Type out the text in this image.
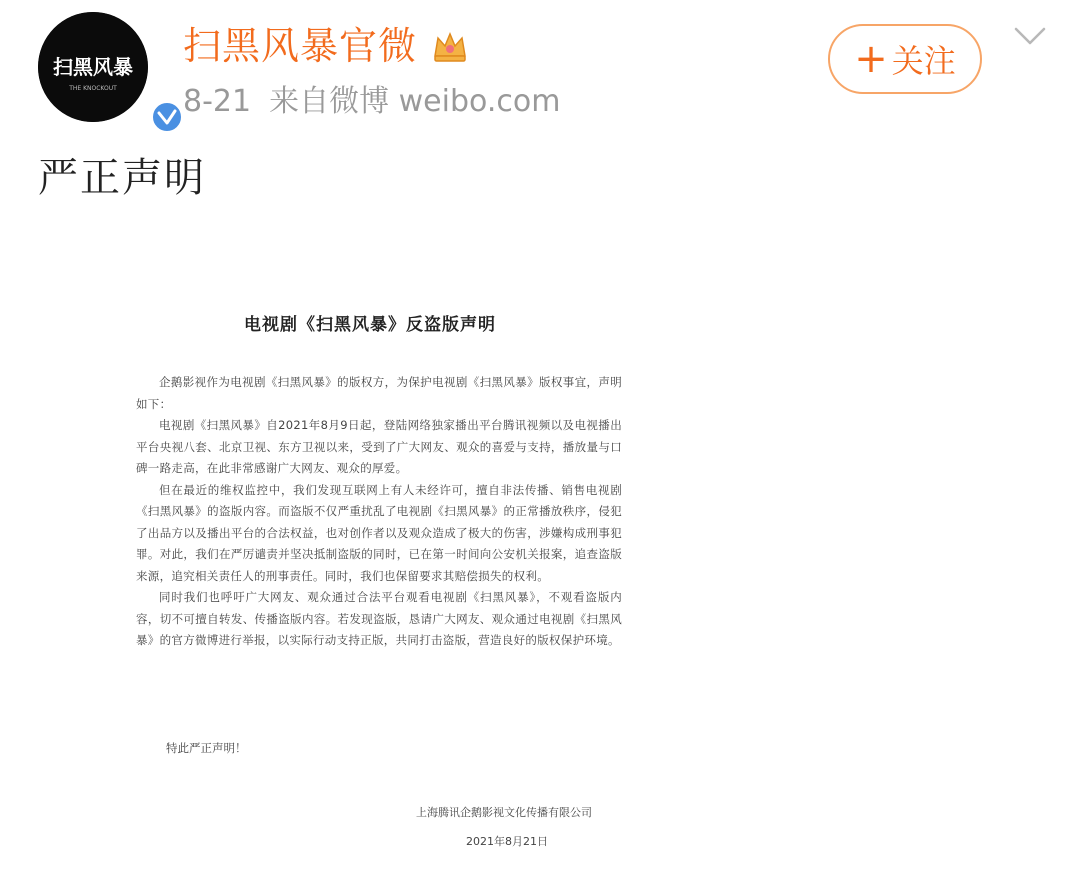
扫黑风暴
THE KNOCKOUT
扫黑风暴官微
8-21 来自微博 weibo.com
+ 关注
严正声明
电视剧《扫黑风暴》反盗版声明

企鹅影视作为电视剧《扫黑风暴》的版权方，为保护电视剧《扫黑风暴》版权事宜，声明如下：

电视剧《扫黑风暴》自2021年8月9日起，登陆网络独家播出平台腾讯视频以及电视播出平台央视八套、北京卫视、东方卫视以来，受到了广大网友、观众的喜爱与支持，播放量与口碑一路走高，在此非常感谢广大网友、观众的厚爱。

但在最近的维权监控中，我们发现互联网上有人未经许可，擅自非法传播、销售电视剧《扫黑风暴》的盗版内容。而盗版不仅严重扰乱了电视剧《扫黑风暴》的正常播放秩序，侵犯了出品方以及播出平台的合法权益，也对创作者以及观众造成了极大的伤害，涉嫌构成刑事犯罪。对此，我们在严厉谴责并坚决抵制盗版的同时，已在第一时间向公安机关报案，追查盗版来源，追究相关责任人的刑事责任。同时，我们也保留要求其赔偿损失的权利。

同时我们也呼吁广大网友、观众通过合法平台观看电视剧《扫黑风暴》，不观看盗版内容，切不可擅自转发、传播盗版内容。若发现盗版，恳请广大网友、观众通过电视剧《扫黑风暴》的官方微博进行举报，以实际行动支持正版，共同打击盗版，营造良好的版权保护环境。

特此严正声明！
上海腾讯企鹅影视文化传播有限公司
2021年8月21日
